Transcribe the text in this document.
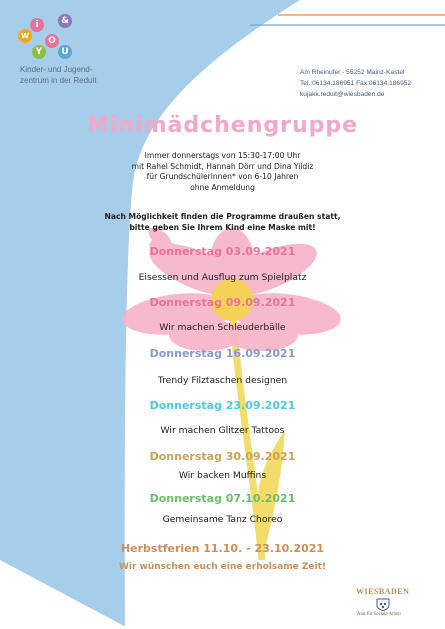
w
i	&
Y
O
U
Kinder- und Jugend-
zentrum in der Reduit
Am Rheinufer - 55252 Mainz-Kastel
Tel.:06134.186951 Fax:06134.186952
kujakk.reduit@wiesbaden.de
Minimädchengruppe
Immer donnerstags von 15:30-17:00 Uhr
mit Rahel Schmidt, Hannah Dörr und Dina Yildiz
für Grundschülerinnen* von 6-10 Jahren
ohne Anmeldung
Nach Möglichkeit finden die Programme draußen statt,
bitte geben Sie Ihrem Kind eine Maske mit!
Donnerstag 03.09.2021
Eisessen und Ausflug zum Spielplatz
Donnerstag 09.09.2021
Wir machen Schleuderbälle
Donnerstag 16.09.2021
Trendy Filztaschen designen
Donnerstag 23.09.2021
Wir machen Glitzer Tattoos
Donnerstag 30.09.2021
Wir backen Muffins
Donnerstag 07.10.2021
Gemeinsame Tanz Choreo
Herbstferien 11.10. - 23.10.2021
Wir wünschen euch eine erholsame Zeit!
WIESBADEN
Amt für Soziale Arbeit
